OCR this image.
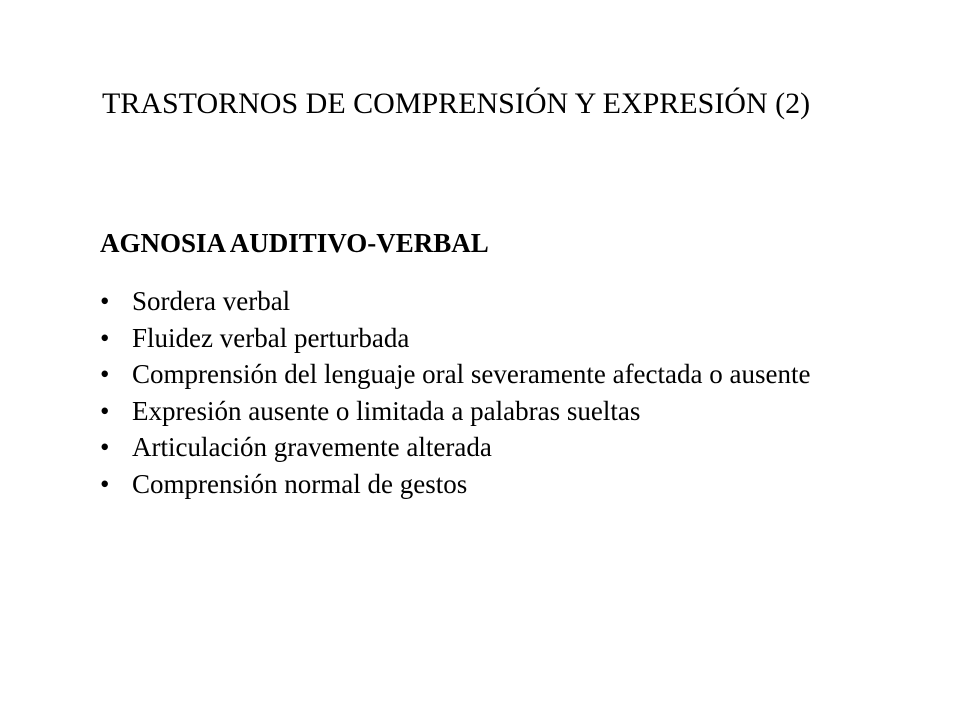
TRASTORNOS DE COMPRENSIÓN Y EXPRESIÓN (2)
AGNOSIA AUDITIVO-VERBAL
• Sordera verbal
• Fluidez verbal perturbada
• Comprensión del lenguaje oral severamente afectada o ausente
• Expresión ausente o limitada a palabras sueltas
• Articulación gravemente alterada
• Comprensión normal de gestos
